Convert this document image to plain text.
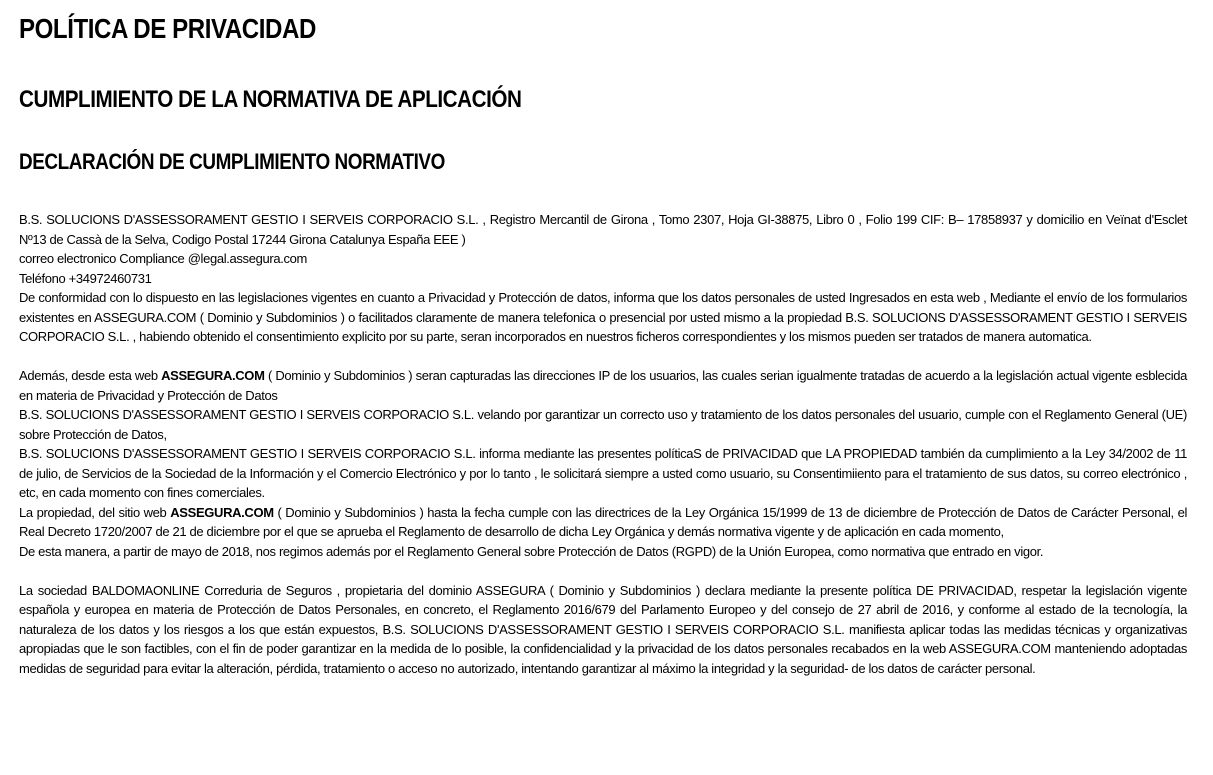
POLÍTICA DE PRIVACIDAD
CUMPLIMIENTO DE LA NORMATIVA DE APLICACIÓN
DECLARACIÓN DE CUMPLIMIENTO NORMATIVO

B.S. SOLUCIONS D'ASSESSORAMENT GESTIO I SERVEIS CORPORACIO S.L. , Registro Mercantil de Girona , Tomo 2307, Hoja GI-38875, Libro 0 , Folio 199 CIF: B– 17858937 y domicilio en Veïnat d'Esclet Nº13 de Cassà de la Selva, Codigo Postal 17244 Girona Catalunya España EEE )

correo electronico Compliance @legal.assegura.com

Teléfono +34972460731

De conformidad con lo dispuesto en las legislaciones vigentes en cuanto a Privacidad y Protección de datos, informa que los datos personales de usted Ingresados en esta web , Mediante el envío de los formularios existentes en ASSEGURA.COM ( Dominio y Subdominios ) o facilitados claramente de manera telefonica o presencial por usted mismo a la propiedad B.S. SOLUCIONS D'ASSESSORAMENT GESTIO I SERVEIS CORPORACIO S.L. , habiendo obtenido el consentimiento explicito por su parte, seran incorporados en nuestros ficheros correspondientes y los mismos pueden ser tratados de manera automatica.

Además, desde esta web ASSEGURA.COM ( Dominio y Subdominios ) seran capturadas las direcciones IP de los usuarios, las cuales serian igualmente tratadas de acuerdo a la legislación actual vigente esblecida en materia de Privacidad y Protección de Datos

B.S. SOLUCIONS D'ASSESSORAMENT GESTIO I SERVEIS CORPORACIO S.L. velando por garantizar un correcto uso y tratamiento de los datos personales del usuario, cumple con el Reglamento General (UE) sobre Protección de Datos,

B.S. SOLUCIONS D'ASSESSORAMENT GESTIO I SERVEIS CORPORACIO S.L. informa mediante las presentes políticaS de PRIVACIDAD que LA PROPIEDAD también da cumplimiento a la Ley 34/2002 de 11 de julio, de Servicios de la Sociedad de la Información y el Comercio Electrónico y por lo tanto , le solicitará siempre a usted como usuario, su Consentimiiento para el tratamiento de sus datos, su correo electrónico , etc, en cada momento con fines comerciales.

La propiedad, del sitio web ASSEGURA.COM ( Dominio y Subdominios ) hasta la fecha cumple con las directrices de la Ley Orgánica 15/1999 de 13 de diciembre de Protección de Datos de Carácter Personal, el Real Decreto 1720/2007 de 21 de diciembre por el que se aprueba el Reglamento de desarrollo de dicha Ley Orgánica y demás normativa vigente y de aplicación en cada momento,

De esta manera, a partir de mayo de 2018, nos regimos además por el Reglamento General sobre Protección de Datos (RGPD) de la Unión Europea, como normativa que entrado en vigor.

La sociedad BALDOMAONLINE Correduria de Seguros , propietaria del dominio ASSEGURA ( Dominio y Subdominios ) declara mediante la presente política DE PRIVACIDAD, respetar la legislación vigente española y europea en materia de Protección de Datos Personales, en concreto, el Reglamento 2016/679 del Parlamento Europeo y del consejo de 27 abril de 2016, y conforme al estado de la tecnología, la naturaleza de los datos y los riesgos a los que están expuestos, B.S. SOLUCIONS D'ASSESSORAMENT GESTIO I SERVEIS CORPORACIO S.L. manifiesta aplicar todas las medidas técnicas y organizativas apropiadas que le son factibles, con el fin de poder garantizar en la medida de lo posible, la confidencialidad y la privacidad de los datos personales recabados en la web ASSEGURA.COM manteniendo adoptadas medidas de seguridad para evitar la alteración, pérdida, tratamiento o acceso no autorizado, intentando garantizar al máximo la integridad y la seguridad- de los datos de carácter personal.
